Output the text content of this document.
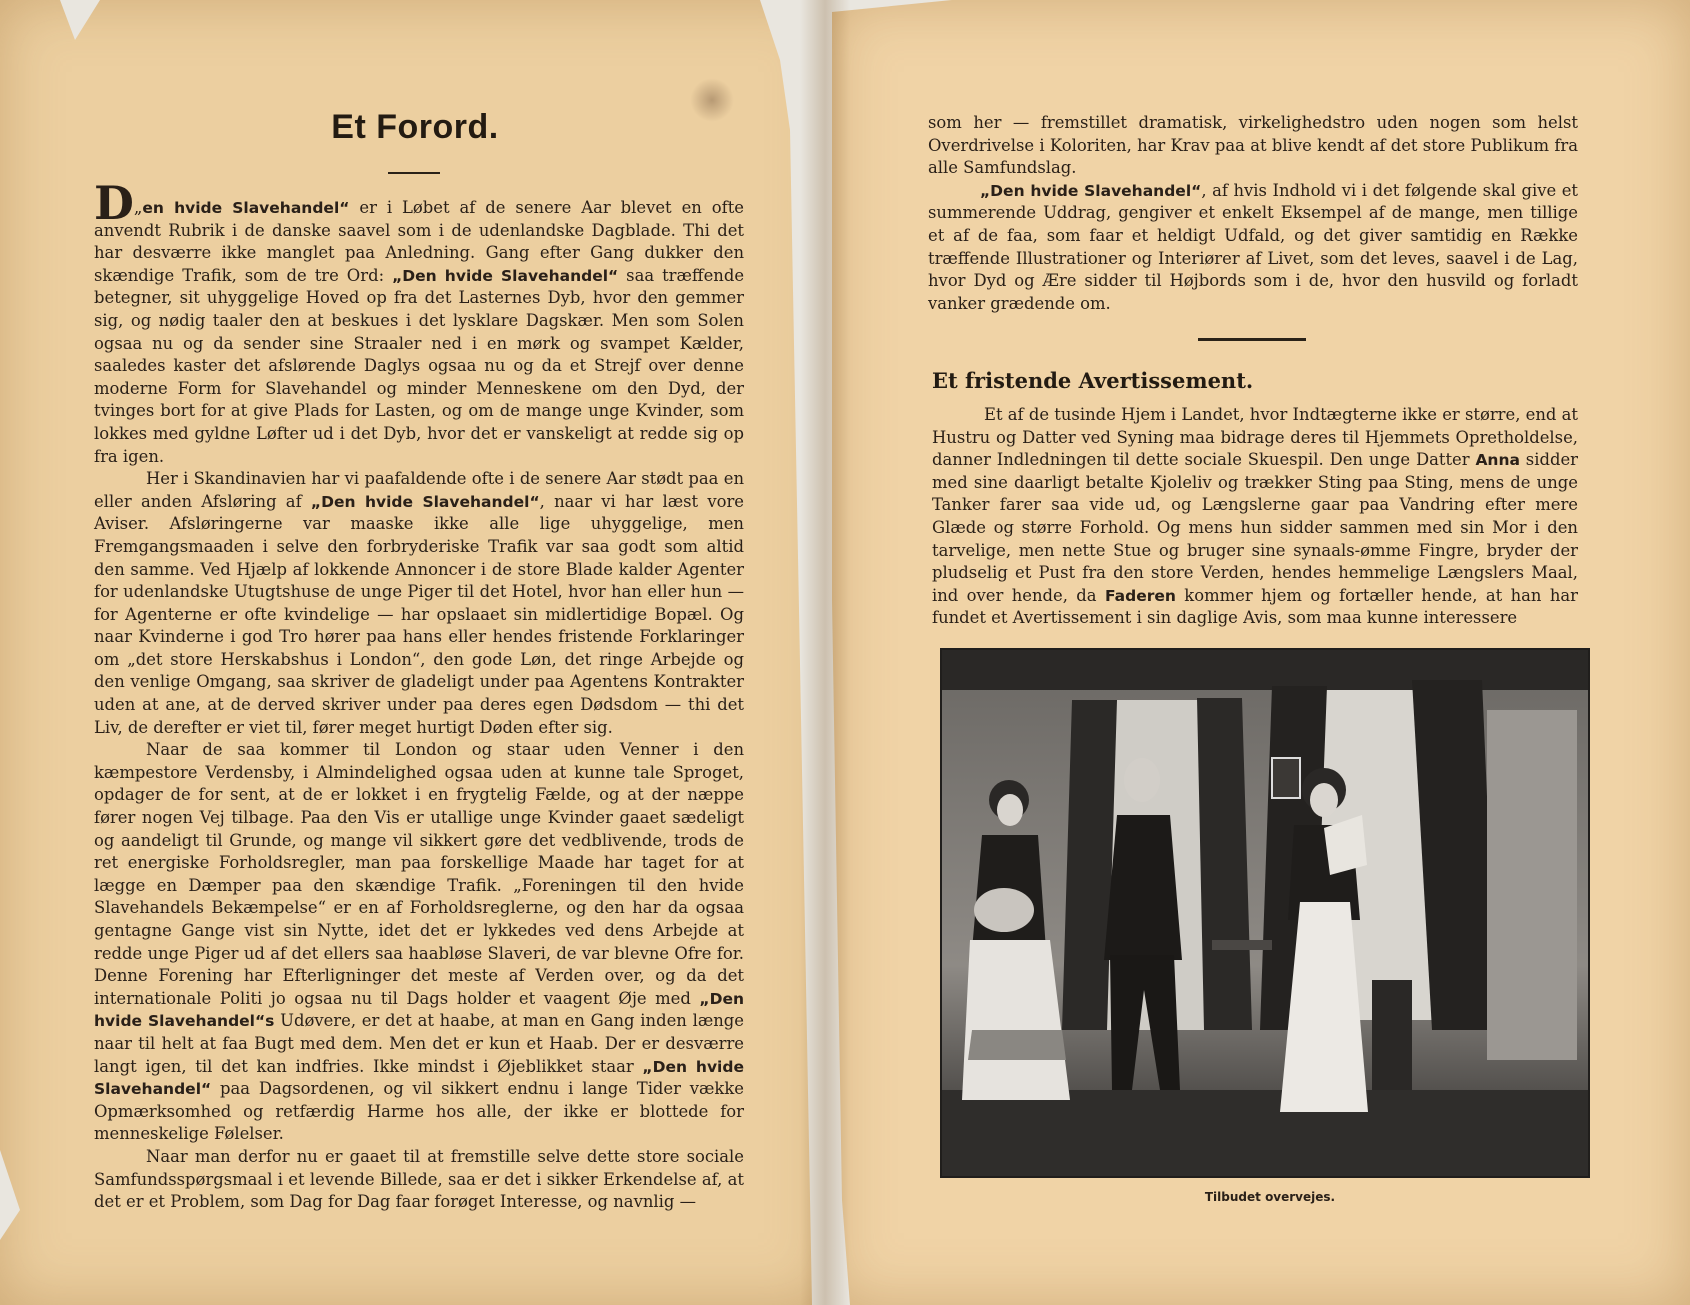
Et Forord.

D„en hvide Slavehandel“ er i Løbet af de senere Aar blevet en ofte anvendt Rubrik i de danske saavel som i de udenlandske Dagblade. Thi det har desværre ikke manglet paa Anledning. Gang efter Gang dukker den skændige Trafik, som de tre Ord: „Den hvide Slavehandel“ saa træffende betegner, sit uhyggelige Hoved op fra det Lasternes Dyb, hvor den gemmer sig, og nødig taaler den at beskues i det lysklare Dagskær. Men som Solen ogsaa nu og da sender sine Straaler ned i en mørk og svampet Kælder, saaledes kaster det afslørende Daglys ogsaa nu og da et Strejf over denne moderne Form for Slavehandel og minder Menneskene om den Dyd, der tvinges bort for at give Plads for Lasten, og om de mange unge Kvinder, som lokkes med gyldne Løfter ud i det Dyb, hvor det er vanskeligt at redde sig op fra igen.

Her i Skandinavien har vi paafaldende ofte i de senere Aar stødt paa en eller anden Afsløring af „Den hvide Slavehandel“, naar vi har læst vore Aviser. Afsløringerne var maaske ikke alle lige uhyggelige, men Fremgangsmaaden i selve den forbryderiske Trafik var saa godt som altid den samme. Ved Hjælp af lokkende Annoncer i de store Blade kalder Agenter for udenlandske Utugtshuse de unge Piger til det Hotel, hvor han eller hun — for Agenterne er ofte kvindelige — har opslaaet sin midlertidige Bopæl. Og naar Kvinderne i god Tro hører paa hans eller hendes fristende Forklaringer om „det store Herskabshus i London“, den gode Løn, det ringe Arbejde og den venlige Omgang, saa skriver de gladeligt under paa Agentens Kontrakter uden at ane, at de derved skriver under paa deres egen Dødsdom — thi det Liv, de derefter er viet til, fører meget hurtigt Døden efter sig.

Naar de saa kommer til London og staar uden Venner i den kæmpestore Verdensby, i Almindelighed ogsaa uden at kunne tale Sproget, opdager de for sent, at de er lokket i en frygtelig Fælde, og at der næppe fører nogen Vej tilbage. Paa den Vis er utallige unge Kvinder gaaet sædeligt og aandeligt til Grunde, og mange vil sikkert gøre det vedblivende, trods de ret energiske Forholdsregler, man paa forskellige Maade har taget for at lægge en Dæmper paa den skændige Trafik. „Foreningen til den hvide Slavehandels Bekæmpelse“ er en af Forholdsreglerne, og den har da ogsaa gentagne Gange vist sin Nytte, idet det er lykkedes ved dens Arbejde at redde unge Piger ud af det ellers saa haabløse Slaveri, de var blevne Ofre for. Denne Forening har Efterligninger det meste af Verden over, og da det internationale Politi jo ogsaa nu til Dags holder et vaagent Øje med „Den hvide Slavehandel“s Udøvere, er det at haabe, at man en Gang inden længe naar til helt at faa Bugt med dem. Men det er kun et Haab. Der er desværre langt igen, til det kan indfries. Ikke mindst i Øjeblikket staar „Den hvide Slavehandel“ paa Dagsordenen, og vil sikkert endnu i lange Tider vække Opmærksomhed og retfærdig Harme hos alle, der ikke er blottede for menneskelige Følelser.

Naar man derfor nu er gaaet til at fremstille selve dette store sociale Samfundsspørgsmaal i et levende Billede, saa er det i sikker Erkendelse af, at det er et Problem, som Dag for Dag faar forøget Interesse, og navnlig —

som her — fremstillet dramatisk, virkelighedstro uden nogen som helst Overdrivelse i Koloriten, har Krav paa at blive kendt af det store Publikum fra alle Samfundslag.

„Den hvide Slavehandel“, af hvis Indhold vi i det følgende skal give et summerende Uddrag, gengiver et enkelt Eksempel af de mange, men tillige et af de faa, som faar et heldigt Udfald, og det giver samtidig en Række træffende Illustrationer og Interiører af Livet, som det leves, saavel i de Lag, hvor Dyd og Ære sidder til Højbords som i de, hvor den husvild og forladt vanker grædende om.

Et fristende Avertissement.

Et af de tusinde Hjem i Landet, hvor Indtægterne ikke er større, end at Hustru og Datter ved Syning maa bidrage deres til Hjemmets Opretholdelse, danner Indledningen til dette sociale Skuespil. Den unge Datter Anna sidder med sine daarligt betalte Kjoleliv og trækker Sting paa Sting, mens de unge Tanker farer saa vide ud, og Længslerne gaar paa Vandring efter mere Glæde og større Forhold. Og mens hun sidder sammen med sin Mor i den tarvelige, men nette Stue og bruger sine synaals-ømme Fingre, bryder der pludselig et Pust fra den store Verden, hendes hemmelige Længslers Maal, ind over hende, da Faderen kommer hjem og fortæller hende, at han har fundet et Avertissement i sin daglige Avis, som maa kunne interessere

Tilbudet overvejes.
